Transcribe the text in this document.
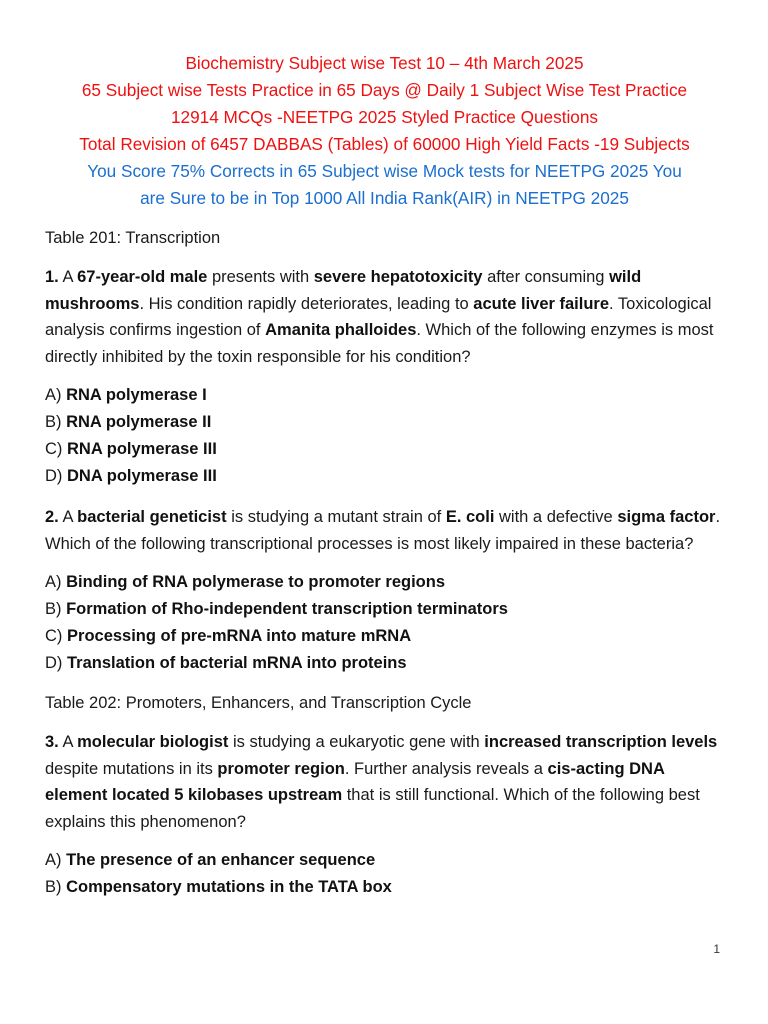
Biochemistry Subject wise Test 10 – 4th March 2025
65 Subject wise Tests Practice in 65 Days @ Daily 1 Subject Wise Test Practice
12914 MCQs -NEETPG 2025 Styled Practice Questions
Total Revision of 6457 DABBAS (Tables) of 60000 High Yield Facts -19 Subjects
You Score 75% Corrects in 65 Subject wise Mock tests for NEETPG 2025 You
are Sure to be in Top 1000 All India Rank(AIR) in NEETPG 2025
Table 201: Transcription
1. A 67-year-old male presents with severe hepatotoxicity after consuming wild mushrooms. His condition rapidly deteriorates, leading to acute liver failure. Toxicological analysis confirms ingestion of Amanita phalloides. Which of the following enzymes is most directly inhibited by the toxin responsible for his condition?
A) RNA polymerase I
B) RNA polymerase II
C) RNA polymerase III
D) DNA polymerase III
2. A bacterial geneticist is studying a mutant strain of E. coli with a defective sigma factor. Which of the following transcriptional processes is most likely impaired in these bacteria?
A) Binding of RNA polymerase to promoter regions
B) Formation of Rho-independent transcription terminators
C) Processing of pre-mRNA into mature mRNA
D) Translation of bacterial mRNA into proteins
Table 202: Promoters, Enhancers, and Transcription Cycle
3. A molecular biologist is studying a eukaryotic gene with increased transcription levels despite mutations in its promoter region. Further analysis reveals a cis-acting DNA element located 5 kilobases upstream that is still functional. Which of the following best explains this phenomenon?
A) The presence of an enhancer sequence
B) Compensatory mutations in the TATA box
1
